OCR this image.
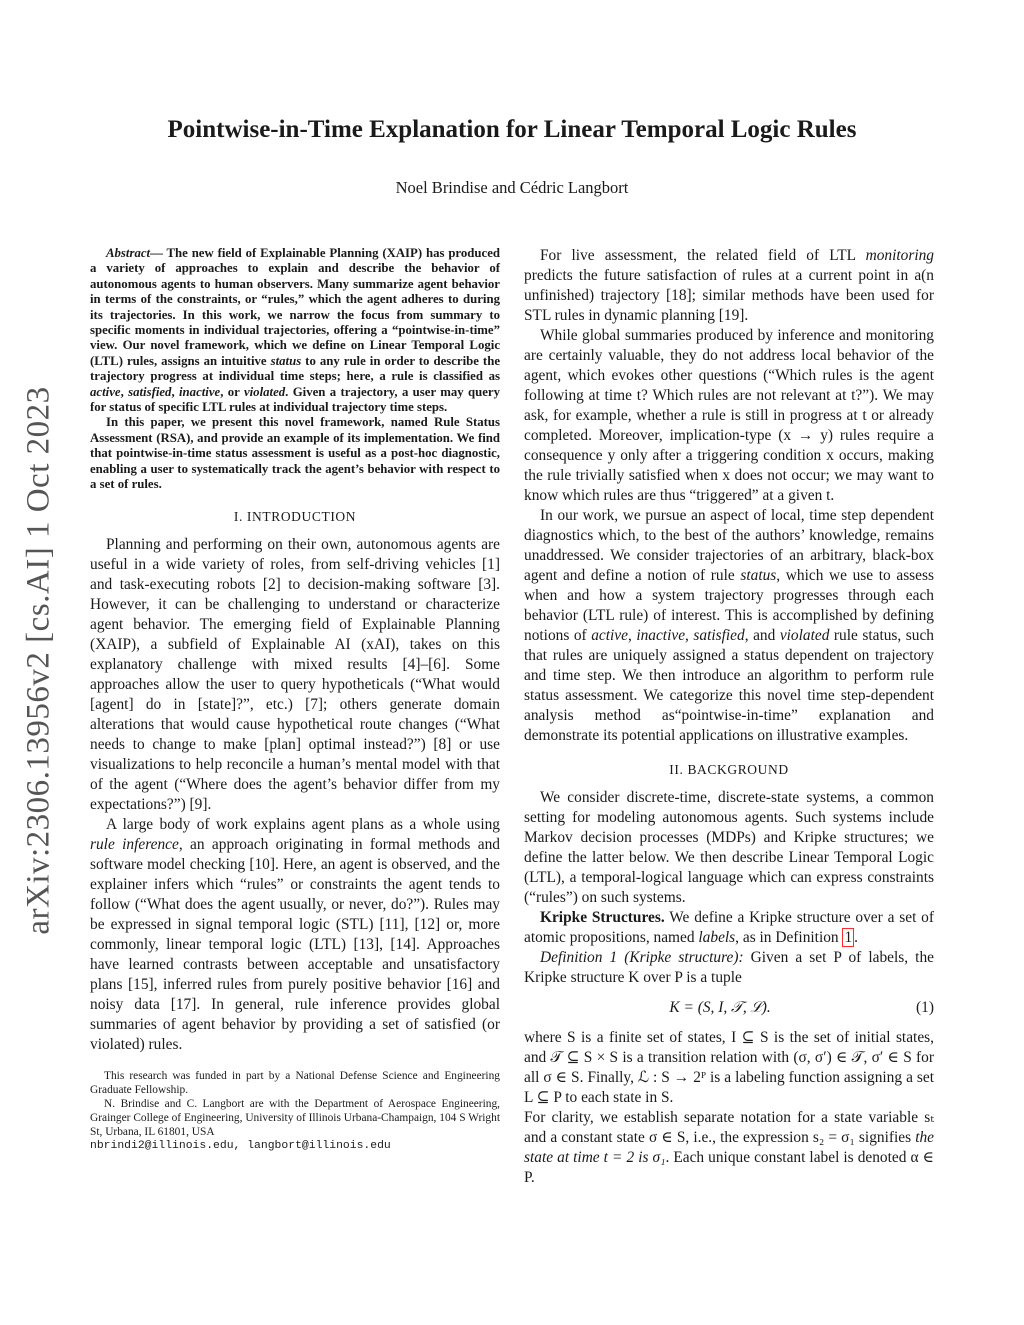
arXiv:2306.13956v2 [cs.AI] 1 Oct 2023
Pointwise-in-Time Explanation for Linear Temporal Logic Rules
Noel Brindise and Cédric Langbort

Abstract— The new field of Explainable Planning (XAIP) has produced a variety of approaches to explain and describe the behavior of autonomous agents to human observers. Many summarize agent behavior in terms of the constraints, or “rules,” which the agent adheres to during its trajectories. In this work, we narrow the focus from summary to specific moments in individual trajectories, offering a “pointwise-in-time” view. Our novel framework, which we define on Linear Temporal Logic (LTL) rules, assigns an intuitive status to any rule in order to describe the trajectory progress at individual time steps; here, a rule is classified as active, satisfied, inactive, or violated. Given a trajectory, a user may query for status of specific LTL rules at individual trajectory time steps.

In this paper, we present this novel framework, named Rule Status Assessment (RSA), and provide an example of its implementation. We find that pointwise-in-time status assessment is useful as a post-hoc diagnostic, enabling a user to systematically track the agent’s behavior with respect to a set of rules.

I. INTRODUCTION

Planning and performing on their own, autonomous agents are useful in a wide variety of roles, from self-driving vehicles [1] and task-executing robots [2] to decision-making software [3]. However, it can be challenging to understand or characterize agent behavior. The emerging field of Explainable Planning (XAIP), a subfield of Explainable AI (xAI), takes on this explanatory challenge with mixed results [4]–[6]. Some approaches allow the user to query hypotheticals (“What would [agent] do in [state]?”, etc.) [7]; others generate domain alterations that would cause hypothetical route changes (“What needs to change to make [plan] optimal instead?”) [8] or use visualizations to help reconcile a human’s mental model with that of the agent (“Where does the agent’s behavior differ from my expectations?”) [9].

A large body of work explains agent plans as a whole using rule inference, an approach originating in formal methods and software model checking [10]. Here, an agent is observed, and the explainer infers which “rules” or constraints the agent tends to follow (“What does the agent usually, or never, do?”). Rules may be expressed in signal temporal logic (STL) [11], [12] or, more commonly, linear temporal logic (LTL) [13], [14]. Approaches have learned contrasts between acceptable and unsatisfactory plans [15], inferred rules from purely positive behavior [16] and noisy data [17]. In general, rule inference provides global summaries of agent behavior by providing a set of satisfied (or violated) rules.

This research was funded in part by a National Defense Science and Engineering Graduate Fellowship.

N. Brindise and C. Langbort are with the Department of Aerospace Engineering, Grainger College of Engineering, University of Illinois Urbana-Champaign, 104 S Wright St, Urbana, IL 61801, USA

nbrindi2@illinois.edu, langbort@illinois.edu

For live assessment, the related field of LTL monitoring predicts the future satisfaction of rules at a current point in a(n unfinished) trajectory [18]; similar methods have been used for STL rules in dynamic planning [19].

While global summaries produced by inference and monitoring are certainly valuable, they do not address local behavior of the agent, which evokes other questions (“Which rules is the agent following at time t? Which rules are not relevant at t?”). We may ask, for example, whether a rule is still in progress at t or already completed. Moreover, implication-type (x → y) rules require a consequence y only after a triggering condition x occurs, making the rule trivially satisfied when x does not occur; we may want to know which rules are thus “triggered” at a given t.

In our work, we pursue an aspect of local, time step dependent diagnostics which, to the best of the authors’ knowledge, remains unaddressed. We consider trajectories of an arbitrary, black-box agent and define a notion of rule status, which we use to assess when and how a system trajectory progresses through each behavior (LTL rule) of interest. This is accomplished by defining notions of active, inactive, satisfied, and violated rule status, such that rules are uniquely assigned a status dependent on trajectory and time step. We then introduce an algorithm to perform rule status assessment. We categorize this novel time step-dependent analysis method as“pointwise-in-time” explanation and demonstrate its potential applications on illustrative examples.

II. BACKGROUND

We consider discrete-time, discrete-state systems, a common setting for modeling autonomous agents. Such systems include Markov decision processes (MDPs) and Kripke structures; we define the latter below. We then describe Linear Temporal Logic (LTL), a temporal-logical language which can express constraints (“rules”) on such systems.

Kripke Structures. We define a Kripke structure over a set of atomic propositions, named labels, as in Definition 1 .

Definition 1 (Kripke structure): Given a set P of labels, the Kripke structure K over P is a tuple

K = (S, I, 𝒯, ℒ).	(1)

where S is a finite set of states, I ⊆ S is the set of initial states, and 𝒯 ⊆ S × S is a transition relation with (σ, σ′) ∈ 𝒯, σ′ ∈ S for all σ ∈ S. Finally, ℒ : S → 2ᴾ is a labeling function assigning a set L ⊆ P to each state in S.

For clarity, we establish separate notation for a state variable sₜ and a constant state σ ∈ S, i.e., the expression s₂ = σ₁ signifies the state at time t = 2 is σ₁. Each unique constant label is denoted α ∈ P.
